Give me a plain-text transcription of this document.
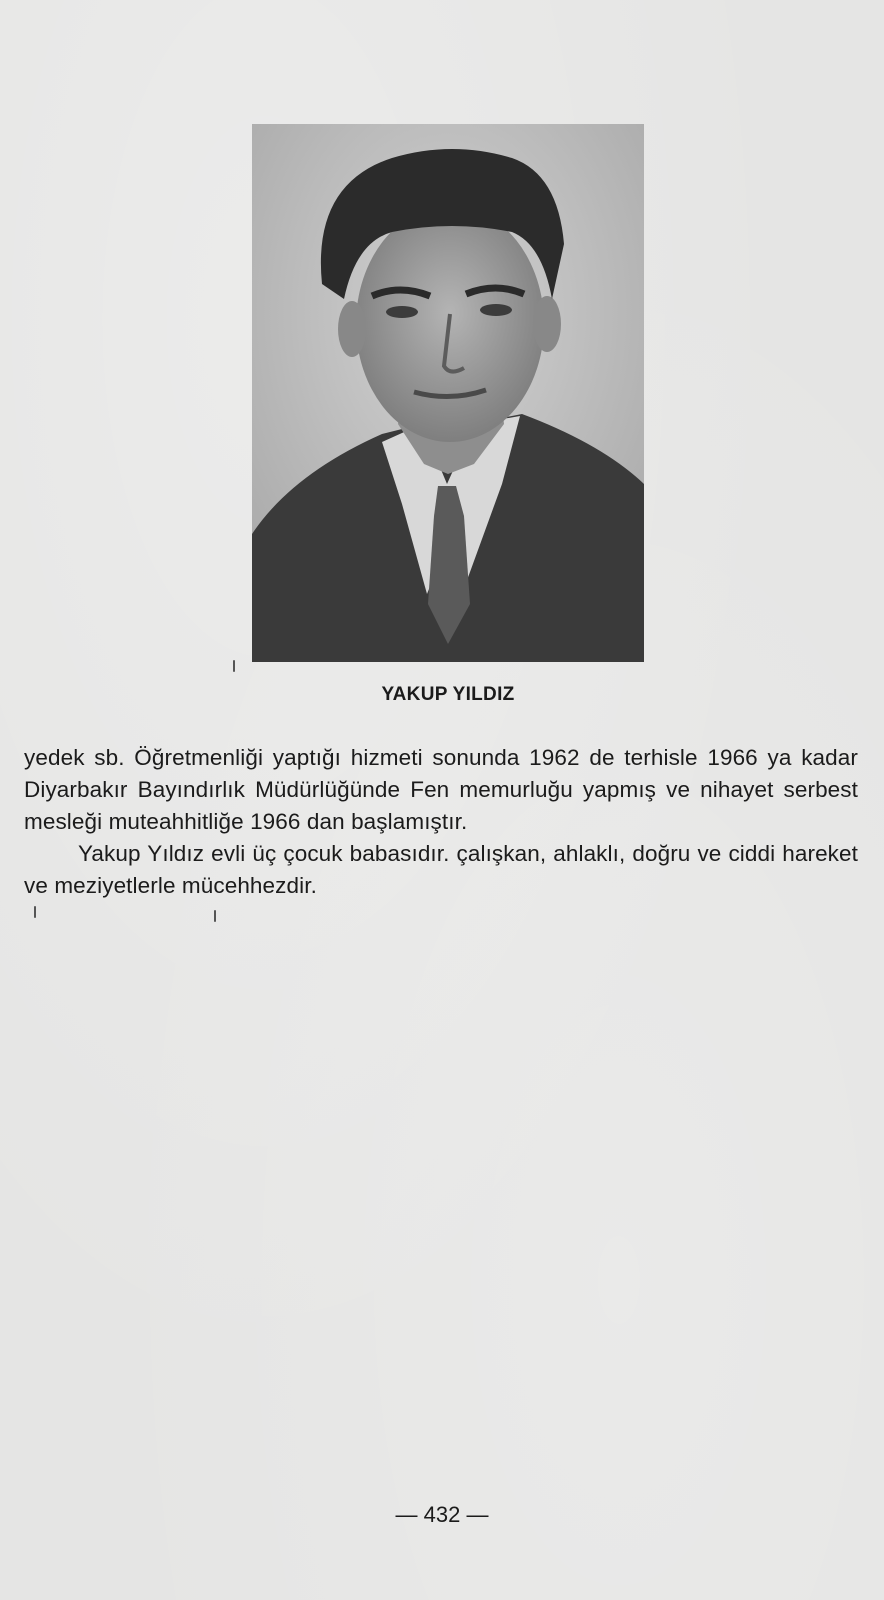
YAKUP YILDIZ

yedek sb. Öğretmenliği yaptığı hizmeti sonunda 1962 de terhisle 1966 ya kadar Diyarbakır Bayındırlık Müdürlüğünde Fen memurluğu yapmış ve nihayet serbest mesleği muteahhitliğe 1966 dan başlamıştır.

Yakup Yıldız evli üç çocuk babasıdır. çalışkan, ahlaklı, doğru ve ciddi hareket ve meziyetlerle mücehhezdir.

— 432 —
